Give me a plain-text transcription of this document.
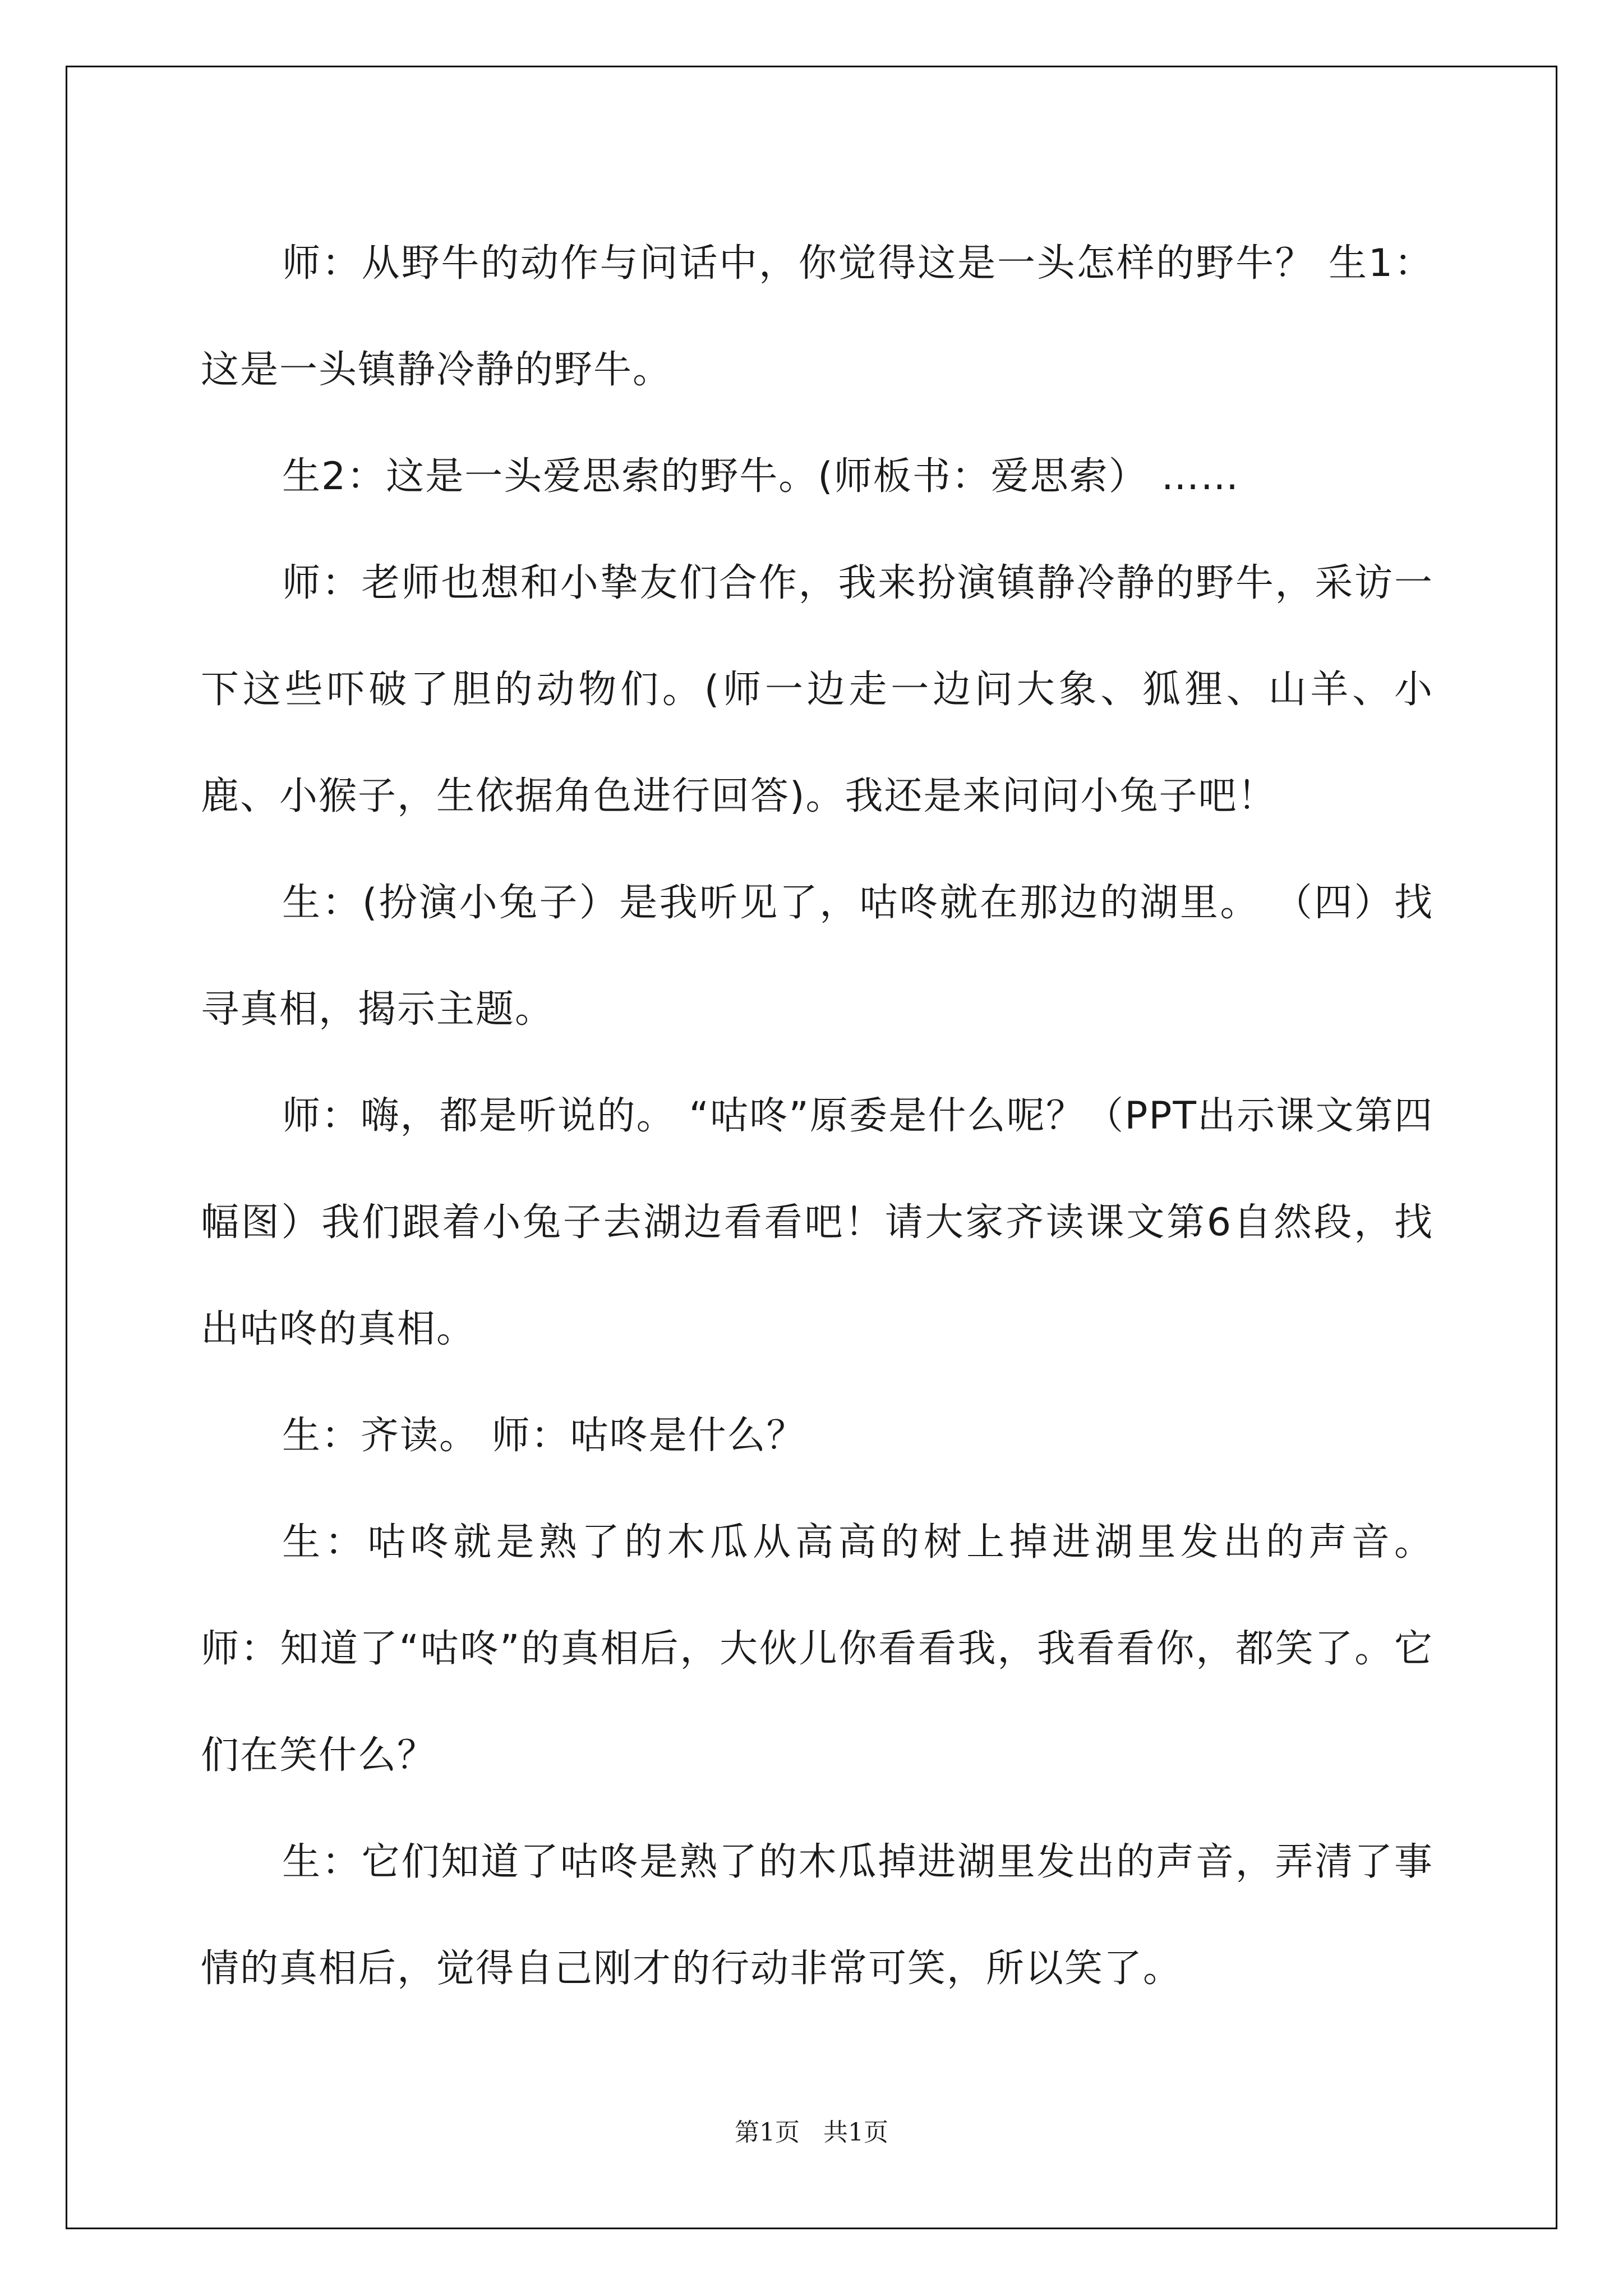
师：从野牛的动作与问话中，你觉得这是一头怎样的野牛？ 生1：这是一头镇静冷静的野牛。

生2：这是一头爱思索的野牛。(师板书：爱思索） ……

师：老师也想和小挚友们合作，我来扮演镇静冷静的野牛，采访一下这些吓破了胆的动物们。(师一边走一边问大象、狐狸、山羊、小鹿、小猴子，生依据角色进行回答)。我还是来问问小兔子吧！

生：(扮演小兔子）是我听见了，咕咚就在那边的湖里。 （四）找寻真相，揭示主题。

师：嗨，都是听说的。 “咕咚”原委是什么呢？（PPT出示课文第四幅图）我们跟着小兔子去湖边看看吧！请大家齐读课文第6自然段，找出咕咚的真相。

生：齐读。 师：咕咚是什么？

生：咕咚就是熟了的木瓜从高高的树上掉进湖里发出的声音。 师：知道了“咕咚”的真相后，大伙儿你看看我，我看看你，都笑了。它们在笑什么？

生：它们知道了咕咚是熟了的木瓜掉进湖里发出的声音，弄清了事情的真相后，觉得自己刚才的行动非常可笑，所以笑了。

第1页 共1页
